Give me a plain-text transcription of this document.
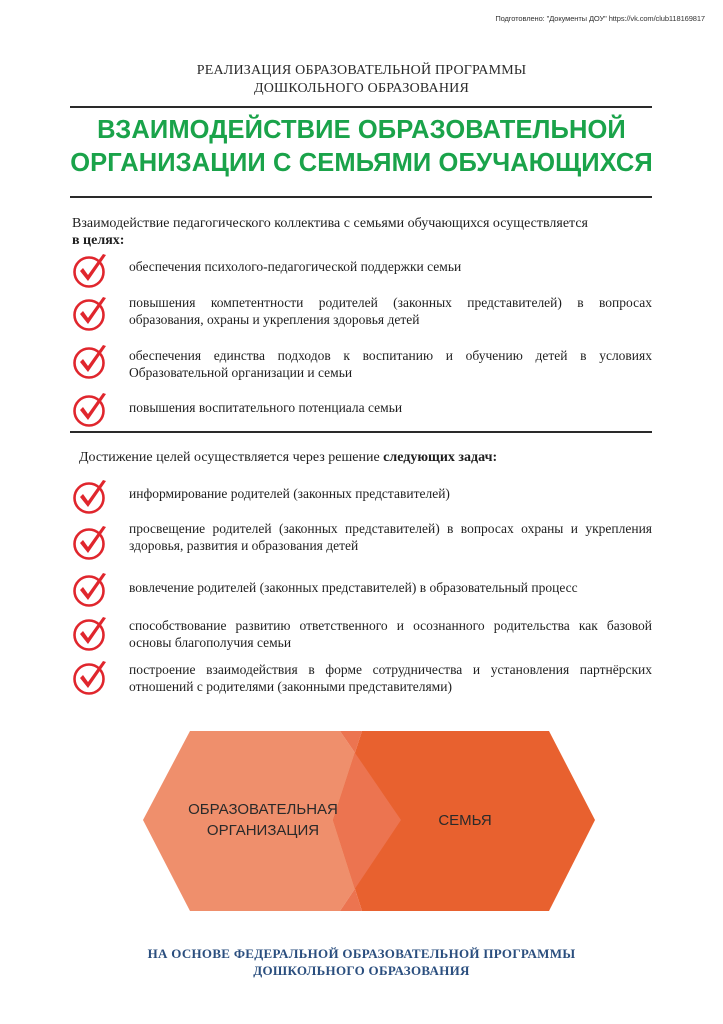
Подготовлено: "Документы ДОУ" https://vk.com/club118169817
РЕАЛИЗАЦИЯ ОБРАЗОВАТЕЛЬНОЙ ПРОГРАММЫ
ДОШКОЛЬНОГО ОБРАЗОВАНИЯ
ВЗАИМОДЕЙСТВИЕ ОБРАЗОВАТЕЛЬНОЙ
ОРГАНИЗАЦИИ С СЕМЬЯМИ ОБУЧАЮЩИХСЯ
Взаимодействие педагогического коллектива с семьями обучающихся осуществляется
в целях:
обеспечения психолого-педагогической поддержки семьи
повышения компетентности родителей (законных представителей) в вопросах образования, охраны и укрепления здоровья детей
обеспечения единства подходов к воспитанию и обучению детей в условиях Образовательной организации и семьи
повышения воспитательного потенциала семьи
Достижение целей осуществляется через решение следующих задач:
информирование родителей (законных представителей)
просвещение родителей (законных представителей) в вопросах охраны и укрепления здоровья, развития и образования детей
вовлечение родителей (законных представителей) в образовательный процесс
способствование развитию ответственного и осознанного родительства как базовой основы благополучия семьи
построение взаимодействия в форме сотрудничества и установления партнёрских отношений с родителями (законными представителями)
ОБРАЗОВАТЕЛЬНАЯ
ОРГАНИЗАЦИЯ
СЕМЬЯ
НА ОСНОВЕ ФЕДЕРАЛЬНОЙ ОБРАЗОВАТЕЛЬНОЙ ПРОГРАММЫ
ДОШКОЛЬНОГО ОБРАЗОВАНИЯ
